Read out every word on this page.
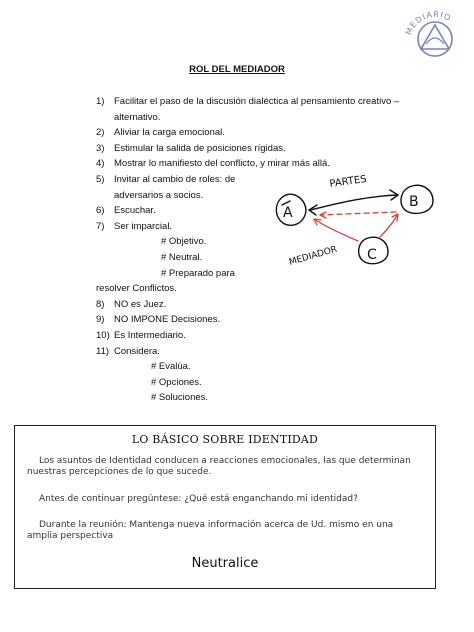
MEDIARIO
ROL DEL MEDIADOR
1) Facilitar el paso de la discusión dialéctica al pensamiento creativo –
alternativo.
2) Aliviar la carga emocional.
3) Estimular la salida de posiciones rígidas.
4) Mostrar lo manifiesto del conflicto, y mirar más allá.
5) Invitar al cambio de roles: de
adversarios a socios.
6) Escuchar.
7) Ser imparcial.
# Objetivo.
# Neutral.
# Preparado para
resolver Conflictos.
8) NO es Juez.
9) NO IMPONE Decisiones.
10) Es Intermediario.
11) Considera.
# Evalúa.
# Opciones.
# Soluciones.
A
B
C
PARTES
MEDIADOR
LO BÁSICO SOBRE IDENTIDAD
Los asuntos de Identidad conducen a reacciones emocionales, las que determinan nuestras percepciones de lo que sucede.
Antes de continuar pregúntese: ¿Qué está enganchando mi identidad?
Durante la reunión: Mantenga nueva información acerca de Ud. mismo en una amplia perspectiva
Neutralice
